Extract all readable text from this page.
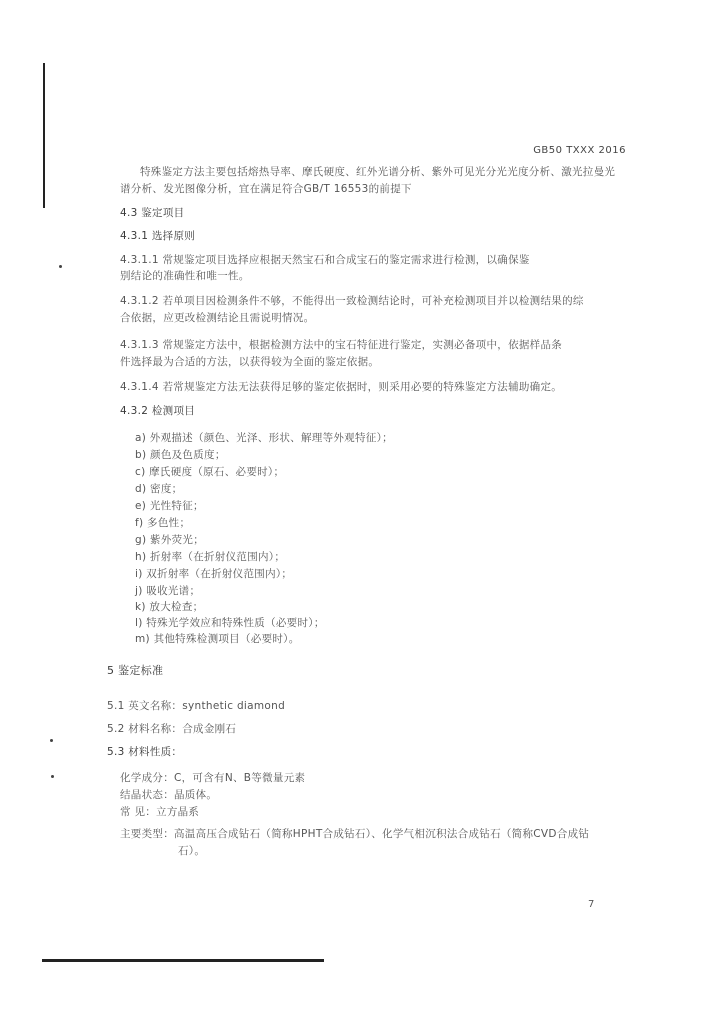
GB50 TXXX 2016
特殊鉴定方法主要包括熔热导率、摩氏硬度、红外光谱分析、紫外可见光分光光度分析、激光拉曼光
谱分析、发光图像分析，宜在满足符合GB/T 16553的前提下
4.3 鉴定项目
4.3.1 选择原则
4.3.1.1 常规鉴定项目选择应根据天然宝石和合成宝石的鉴定需求进行检测，以确保鉴
别结论的准确性和唯一性。
4.3.1.2 若单项目因检测条件不够，不能得出一致检测结论时，可补充检测项目并以检测结果的综
合依据，应更改检测结论且需说明情况。
4.3.1.3 常规鉴定方法中，根据检测方法中的宝石特征进行鉴定，实测必备项中，依据样品条
件选择最为合适的方法，以获得较为全面的鉴定依据。
4.3.1.4 若常规鉴定方法无法获得足够的鉴定依据时，则采用必要的特殊鉴定方法辅助确定。
4.3.2 检测项目
a) 外观描述（颜色、光泽、形状、解理等外观特征）；
b) 颜色及色质度；
c) 摩氏硬度（原石、必要时）；
d) 密度；
e) 光性特征；
f) 多色性；
g) 紫外荧光；
h) 折射率（在折射仪范围内）；
i) 双折射率（在折射仪范围内）；
j) 吸收光谱；
k) 放大检查；
l) 特殊光学效应和特殊性质（必要时）；
m) 其他特殊检测项目（必要时）。
5 鉴定标准
5.1 英文名称：synthetic diamond
5.2 材料名称：合成金刚石
5.3 材料性质：
化学成分：C，可含有N、B等微量元素
结晶状态：晶质体。
常 见：立方晶系
主要类型：高温高压合成钻石（简称HPHT合成钻石）、化学气相沉积法合成钻石（简称CVD合成钻
石）。
7
